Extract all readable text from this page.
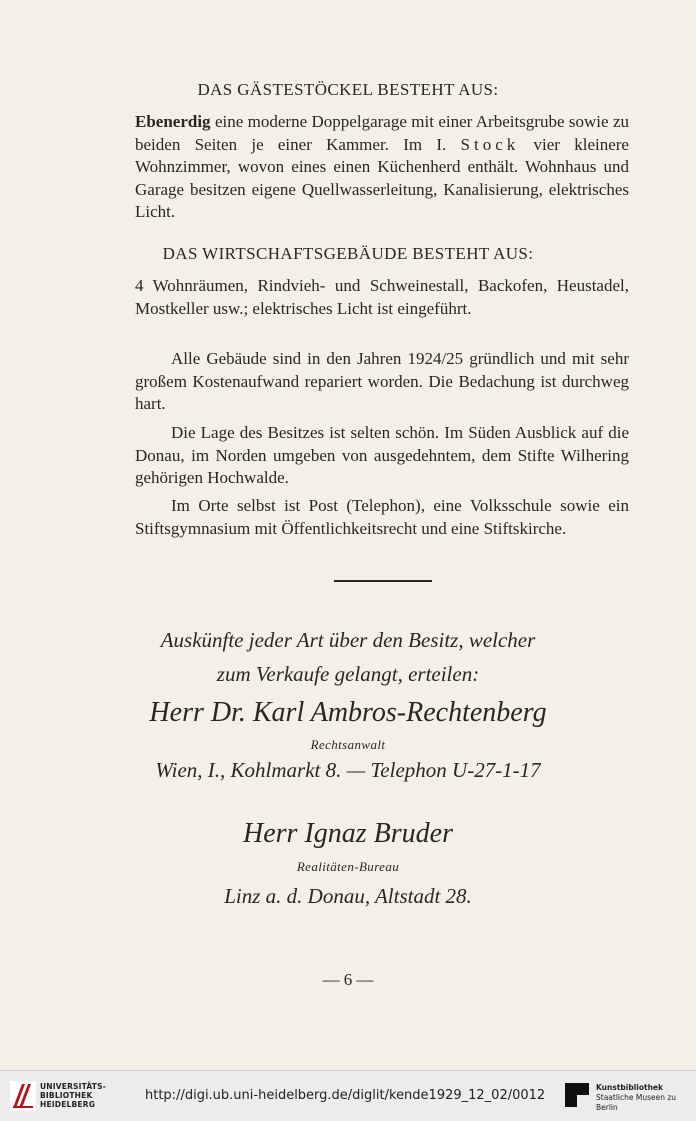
DAS GÄSTESTÖCKEL BESTEHT AUS:

Ebenerdig eine moderne Doppelgarage mit einer Arbeitsgrube sowie zu beiden Seiten je einer Kammer. Im I. Stock vier kleinere Wohnzimmer, wovon eines einen Küchenherd enthält. Wohnhaus und Garage besitzen eigene Quellwasserleitung, Kanalisierung, elektrisches Licht.

DAS WIRTSCHAFTSGEBÄUDE BESTEHT AUS:

4 Wohnräumen, Rindvieh- und Schweinestall, Backofen, Heustadel, Mostkeller usw.; elektrisches Licht ist eingeführt.

Alle Gebäude sind in den Jahren 1924/25 gründlich und mit sehr großem Kostenaufwand repariert worden. Die Bedachung ist durchweg hart.

Die Lage des Besitzes ist selten schön. Im Süden Ausblick auf die Donau, im Norden umgeben von ausgedehntem, dem Stifte Wilhering gehörigen Hochwalde.

Im Orte selbst ist Post (Telephon), eine Volksschule sowie ein Stiftsgymnasium mit Öffentlichkeitsrecht und eine Stiftskirche.

Auskünfte jeder Art über den Besitz, welcher

zum Verkaufe gelangt, erteilen:

Herr Dr. Karl Ambros-Rechtenberg

Rechtsanwalt

Wien, I., Kohlmarkt 8. — Telephon U-27-1-17

Herr Ignaz Bruder

Realitäten-Bureau

Linz a. d. Donau, Altstadt 28.

— 6 —
UNIVERSITÄTS-
BIBLIOTHEK
HEIDELBERG
http://digi.ub.uni-heidelberg.de/diglit/kende1929_12_02/0012
Kunstbibliothek
Staatliche Museen zu Berlin
